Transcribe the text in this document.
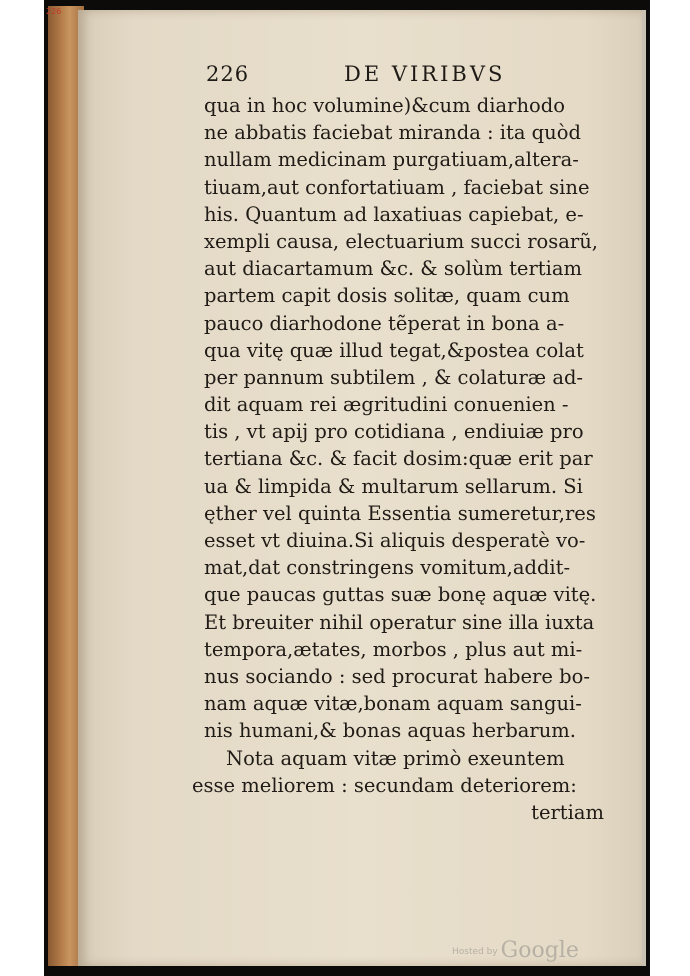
226
226	DE VIRIBVS
qua in hoc volumine)&cum diarhodo
ne abbatis faciebat miranda : ita quòd
nullam medicinam purgatiuam,altera-
tiuam,aut confortatiuam , faciebat sine
his. Quantum ad laxatiuas capiebat, e-
xempli causa, electuarium succi rosarũ,
aut diacartamum &c. & solùm tertiam
partem capit dosis solitæ, quam cum
pauco diarhodone tẽperat in bona a-
qua vitę quæ illud tegat,&postea colat
per pannum subtilem , & colaturæ ad-
dit aquam rei ægritudini conuenien -
tis , vt apij pro cotidiana , endiuiæ pro
tertiana &c. & facit dosim:quæ erit par
ua & limpida & multarum sellarum. Si
ęther vel quinta Essentia sumeretur,res
esset vt diuina.Si aliquis desperatè vo-
mat,dat constringens vomitum,addit-
que paucas guttas suæ bonę aquæ vitę.
Et breuiter nihil operatur sine illa iuxta
tempora,ætates, morbos , plus aut mi-
nus sociando : sed procurat habere bo-
nam aquæ vitæ,bonam aquam sangui-
nis humani,& bonas aquas herbarum.
Nota aquam vitæ primò exeuntem
esse meliorem : secundam deteriorem:
tertiam
Hosted by Google
